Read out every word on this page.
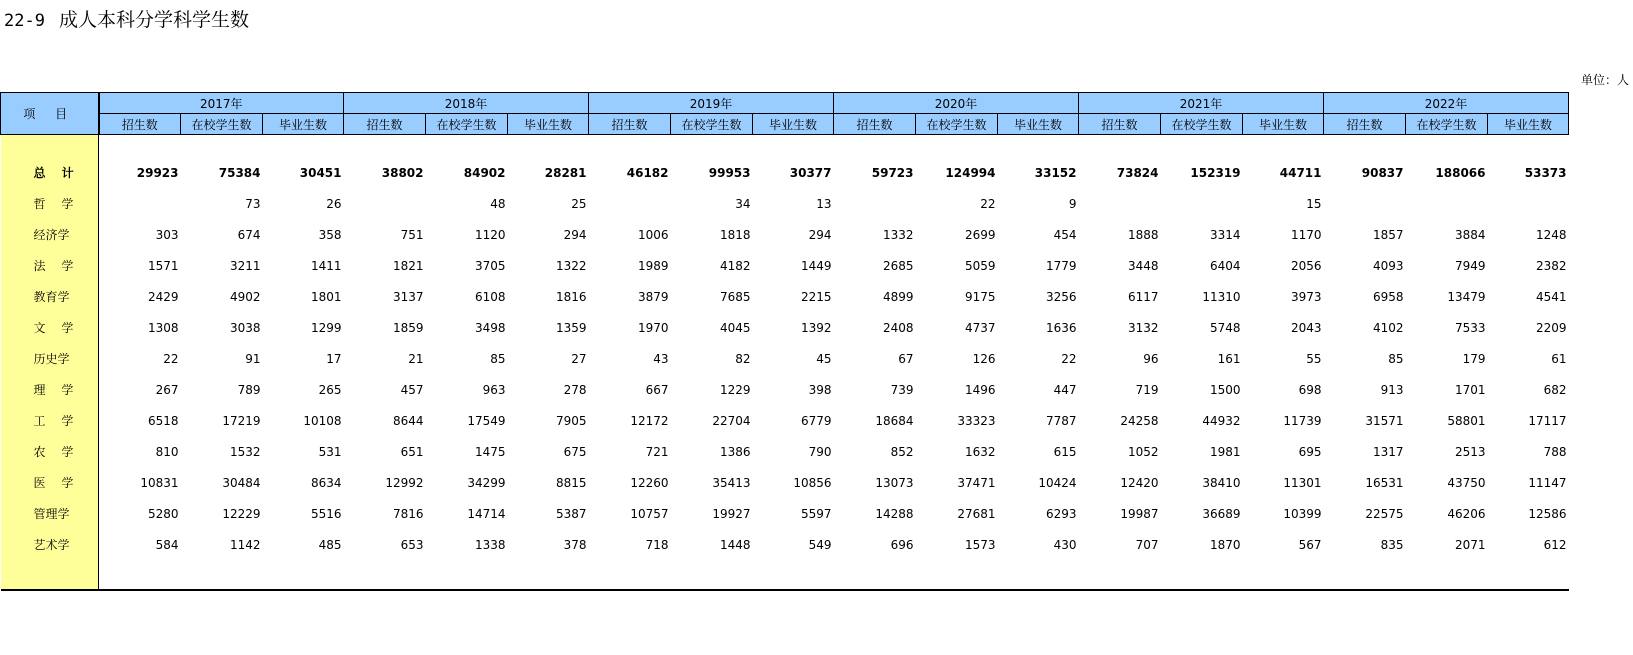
22-9 成人本科分学科学生数
单位：人
项 目	2017年			2018年			2019年			2020年			2021年			2022年		
	招生数	在校学生数	毕业生数	招生数	在校学生数	毕业生数	招生数	在校学生数	毕业生数	招生数	在校学生数	毕业生数	招生数	在校学生数	毕业生数	招生数	在校学生数	毕业生数

总 计	29923	75384	30451	38802	84902	28281	46182	99953	30377	59723	124994	33152	73824	152319	44711	90837	188066	53373
哲 学		73	26		48	25		34	13		22	9			15			
经济学	303	674	358	751	1120	294	1006	1818	294	1332	2699	454	1888	3314	1170	1857	3884	1248
法 学	1571	3211	1411	1821	3705	1322	1989	4182	1449	2685	5059	1779	3448	6404	2056	4093	7949	2382
教育学	2429	4902	1801	3137	6108	1816	3879	7685	2215	4899	9175	3256	6117	11310	3973	6958	13479	4541
文 学	1308	3038	1299	1859	3498	1359	1970	4045	1392	2408	4737	1636	3132	5748	2043	4102	7533	2209
历史学	22	91	17	21	85	27	43	82	45	67	126	22	96	161	55	85	179	61
理 学	267	789	265	457	963	278	667	1229	398	739	1496	447	719	1500	698	913	1701	682
工 学	6518	17219	10108	8644	17549	7905	12172	22704	6779	18684	33323	7787	24258	44932	11739	31571	58801	17117
农 学	810	1532	531	651	1475	675	721	1386	790	852	1632	615	1052	1981	695	1317	2513	788
医 学	10831	30484	8634	12992	34299	8815	12260	35413	10856	13073	37471	10424	12420	38410	11301	16531	43750	11147
管理学	5280	12229	5516	7816	14714	5387	10757	19927	5597	14288	27681	6293	19987	36689	10399	22575	46206	12586
艺术学	584	1142	485	653	1338	378	718	1448	549	696	1573	430	707	1870	567	835	2071	612
